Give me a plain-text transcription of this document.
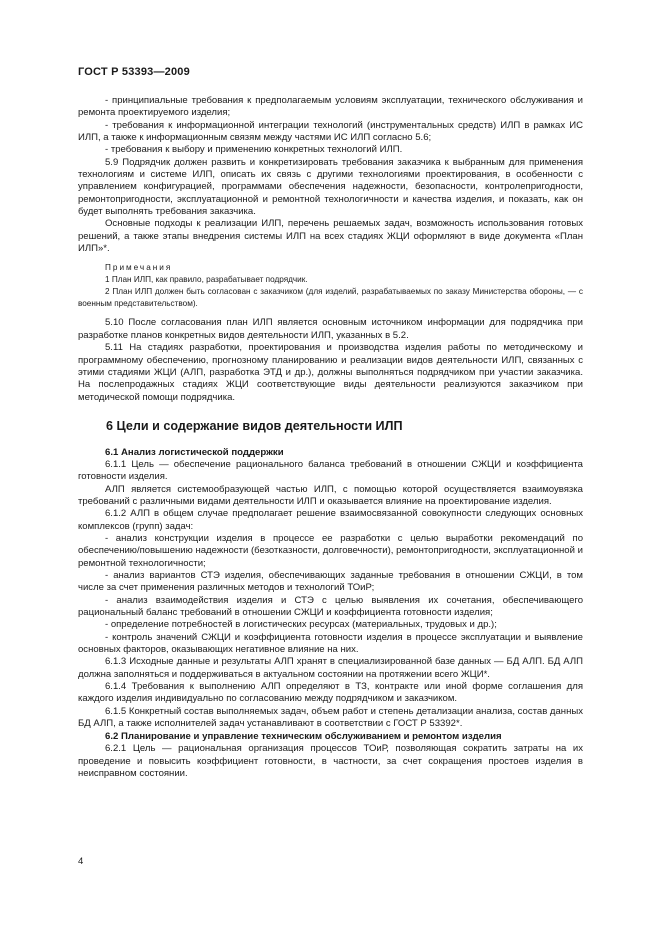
ГОСТ Р 53393—2009

- принципиальные требования к предполагаемым условиям эксплуатации, технического обслуживания и ремонта проектируемого изделия;

- требования к информационной интеграции технологий (инструментальных средств) ИЛП в рамках ИС ИЛП, а также к информационным связям между частями ИС ИЛП согласно 5.6;

- требования к выбору и применению конкретных технологий ИЛП.

5.9 Подрядчик должен развить и конкретизировать требования заказчика к выбранным для применения технологиям и системе ИЛП, описать их связь с другими технологиями проектирования, в особенности с управлением конфигурацией, программами обеспечения надежности, безопасности, контролепригодности, ремонтопригодности, эксплуатационной и ремонтной технологичности и качества изделия, и показать, как он будет выполнять требования заказчика.

Основные подходы к реализации ИЛП, перечень решаемых задач, возможность использования готовых решений, а также этапы внедрения системы ИЛП на всех стадиях ЖЦИ оформляют в виде документа «План ИЛП»*.

Примечания

1 План ИЛП, как правило, разрабатывает подрядчик.

2 План ИЛП должен быть согласован с заказчиком (для изделий, разрабатываемых по заказу Министерства обороны, — с военным представительством).

5.10 После согласования план ИЛП является основным источником информации для подрядчика при разработке планов конкретных видов деятельности ИЛП, указанных в 5.2.

5.11 На стадиях разработки, проектирования и производства изделия работы по методическому и программному обеспечению, прогнозному планированию и реализации видов деятельности ИЛП, связанных с этими стадиями ЖЦИ (АЛП, разработка ЭТД и др.), должны выполняться подрядчиком при участии заказчика. На послепродажных стадиях ЖЦИ соответствующие виды деятельности реализуются заказчиком при методической помощи подрядчика.

6 Цели и содержание видов деятельности ИЛП

6.1 Анализ логистической поддержки

6.1.1 Цель — обеспечение рационального баланса требований в отношении СЖЦИ и коэффициента готовности изделия.

АЛП является системообразующей частью ИЛП, с помощью которой осуществляется взаимоувязка требований с различными видами деятельности ИЛП и оказывается влияние на проектирование изделия.

6.1.2 АЛП в общем случае предполагает решение взаимосвязанной совокупности следующих основных комплексов (групп) задач:

- анализ конструкции изделия в процессе ее разработки с целью выработки рекомендаций по обеспечению/повышению надежности (безотказности, долговечности), ремонтопригодности, эксплуатационной и ремонтной технологичности;

- анализ вариантов СТЭ изделия, обеспечивающих заданные требования в отношении СЖЦИ, в том числе за счет применения различных методов и технологий ТОиР;

- анализ взаимодействия изделия и СТЭ с целью выявления их сочетания, обеспечивающего рациональный баланс требований в отношении СЖЦИ и коэффициента готовности изделия;

- определение потребностей в логистических ресурсах (материальных, трудовых и др.);

- контроль значений СЖЦИ и коэффициента готовности изделия в процессе эксплуатации и выявление основных факторов, оказывающих негативное влияние на них.

6.1.3 Исходные данные и результаты АЛП хранят в специализированной базе данных — БД АЛП. БД АЛП должна заполняться и поддерживаться в актуальном состоянии на протяжении всего ЖЦИ*.

6.1.4 Требования к выполнению АЛП определяют в ТЗ, контракте или иной форме соглашения для каждого изделия индивидуально по согласованию между подрядчиком и заказчиком.

6.1.5 Конкретный состав выполняемых задач, объем работ и степень детализации анализа, состав данных БД АЛП, а также исполнителей задач устанавливают в соответствии с ГОСТ Р 53392*.

6.2 Планирование и управление техническим обслуживанием и ремонтом изделия

6.2.1 Цель — рациональная организация процессов ТОиР, позволяющая сократить затраты на их проведение и повысить коэффициент готовности, в частности, за счет сокращения простоев изделия в неисправном состоянии.

4
